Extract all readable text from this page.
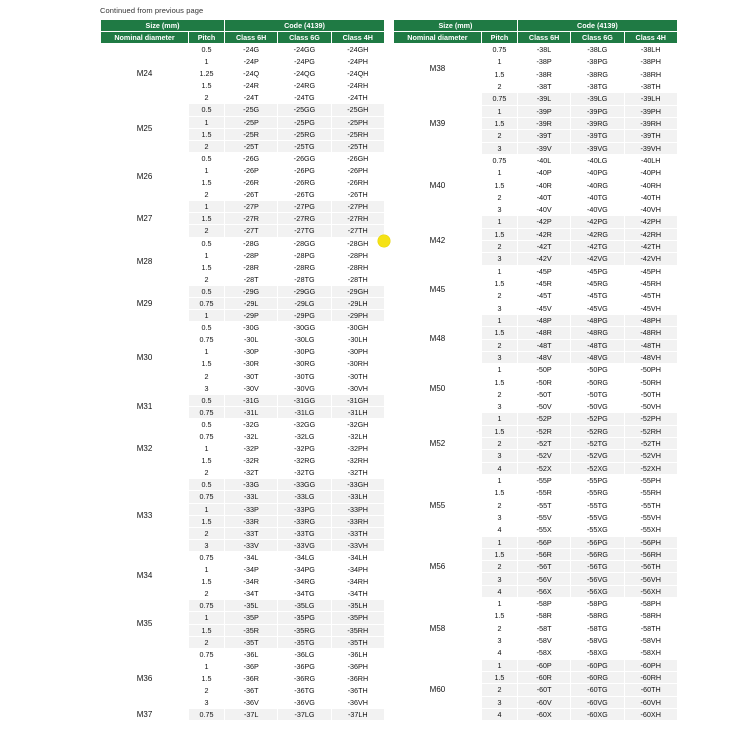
Continued from previous page
Size (mm)		Code (4139)		
Nominal diameter	Pitch	Class 6H	Class 6G	Class 4H
M24	0.5	-24G	-24GG	-24GH
	1	-24P	-24PG	-24PH
	1.25	-24Q	-24QG	-24QH
	1.5	-24R	-24RG	-24RH
	2	-24T	-24TG	-24TH
M25	0.5	-25G	-25GG	-25GH
	1	-25P	-25PG	-25PH
	1.5	-25R	-25RG	-25RH
	2	-25T	-25TG	-25TH
M26	0.5	-26G	-26GG	-26GH
	1	-26P	-26PG	-26PH
	1.5	-26R	-26RG	-26RH
	2	-26T	-26TG	-26TH
M27	1	-27P	-27PG	-27PH
	1.5	-27R	-27RG	-27RH
	2	-27T	-27TG	-27TH
M28	0.5	-28G	-28GG	-28GH
	1	-28P	-28PG	-28PH
	1.5	-28R	-28RG	-28RH
	2	-28T	-28TG	-28TH
M29	0.5	-29G	-29GG	-29GH
	0.75	-29L	-29LG	-29LH
	1	-29P	-29PG	-29PH
M30	0.5	-30G	-30GG	-30GH
	0.75	-30L	-30LG	-30LH
	1	-30P	-30PG	-30PH
	1.5	-30R	-30RG	-30RH
	2	-30T	-30TG	-30TH
	3	-30V	-30VG	-30VH
M31	0.5	-31G	-31GG	-31GH
	0.75	-31L	-31LG	-31LH
M32	0.5	-32G	-32GG	-32GH
	0.75	-32L	-32LG	-32LH
	1	-32P	-32PG	-32PH
	1.5	-32R	-32RG	-32RH
	2	-32T	-32TG	-32TH
M33	0.5	-33G	-33GG	-33GH
	0.75	-33L	-33LG	-33LH
	1	-33P	-33PG	-33PH
	1.5	-33R	-33RG	-33RH
	2	-33T	-33TG	-33TH
	3	-33V	-33VG	-33VH
M34	0.75	-34L	-34LG	-34LH
	1	-34P	-34PG	-34PH
	1.5	-34R	-34RG	-34RH
	2	-34T	-34TG	-34TH
M35	0.75	-35L	-35LG	-35LH
	1	-35P	-35PG	-35PH
	1.5	-35R	-35RG	-35RH
	2	-35T	-35TG	-35TH
M36	0.75	-36L	-36LG	-36LH
	1	-36P	-36PG	-36PH
	1.5	-36R	-36RG	-36RH
	2	-36T	-36TG	-36TH
	3	-36V	-36VG	-36VH
M37	0.75	-37L	-37LG	-37LH
Size (mm)		Code (4139)		
Nominal diameter	Pitch	Class 6H	Class 6G	Class 4H
M38	0.75	-38L	-38LG	-38LH
	1	-38P	-38PG	-38PH
	1.5	-38R	-38RG	-38RH
	2	-38T	-38TG	-38TH
M39	0.75	-39L	-39LG	-39LH
	1	-39P	-39PG	-39PH
	1.5	-39R	-39RG	-39RH
	2	-39T	-39TG	-39TH
	3	-39V	-39VG	-39VH
M40	0.75	-40L	-40LG	-40LH
	1	-40P	-40PG	-40PH
	1.5	-40R	-40RG	-40RH
	2	-40T	-40TG	-40TH
	3	-40V	-40VG	-40VH
M42	1	-42P	-42PG	-42PH
	1.5	-42R	-42RG	-42RH
	2	-42T	-42TG	-42TH
	3	-42V	-42VG	-42VH
M45	1	-45P	-45PG	-45PH
	1.5	-45R	-45RG	-45RH
	2	-45T	-45TG	-45TH
	3	-45V	-45VG	-45VH
M48	1	-48P	-48PG	-48PH
	1.5	-48R	-48RG	-48RH
	2	-48T	-48TG	-48TH
	3	-48V	-48VG	-48VH
M50	1	-50P	-50PG	-50PH
	1.5	-50R	-50RG	-50RH
	2	-50T	-50TG	-50TH
	3	-50V	-50VG	-50VH
M52	1	-52P	-52PG	-52PH
	1.5	-52R	-52RG	-52RH
	2	-52T	-52TG	-52TH
	3	-52V	-52VG	-52VH
	4	-52X	-52XG	-52XH
M55	1	-55P	-55PG	-55PH
	1.5	-55R	-55RG	-55RH
	2	-55T	-55TG	-55TH
	3	-55V	-55VG	-55VH
	4	-55X	-55XG	-55XH
M56	1	-56P	-56PG	-56PH
	1.5	-56R	-56RG	-56RH
	2	-56T	-56TG	-56TH
	3	-56V	-56VG	-56VH
	4	-56X	-56XG	-56XH
M58	1	-58P	-58PG	-58PH
	1.5	-58R	-58RG	-58RH
	2	-58T	-58TG	-58TH
	3	-58V	-58VG	-58VH
	4	-58X	-58XG	-58XH
M60	1	-60P	-60PG	-60PH
	1.5	-60R	-60RG	-60RH
	2	-60T	-60TG	-60TH
	3	-60V	-60VG	-60VH
	4	-60X	-60XG	-60XH
